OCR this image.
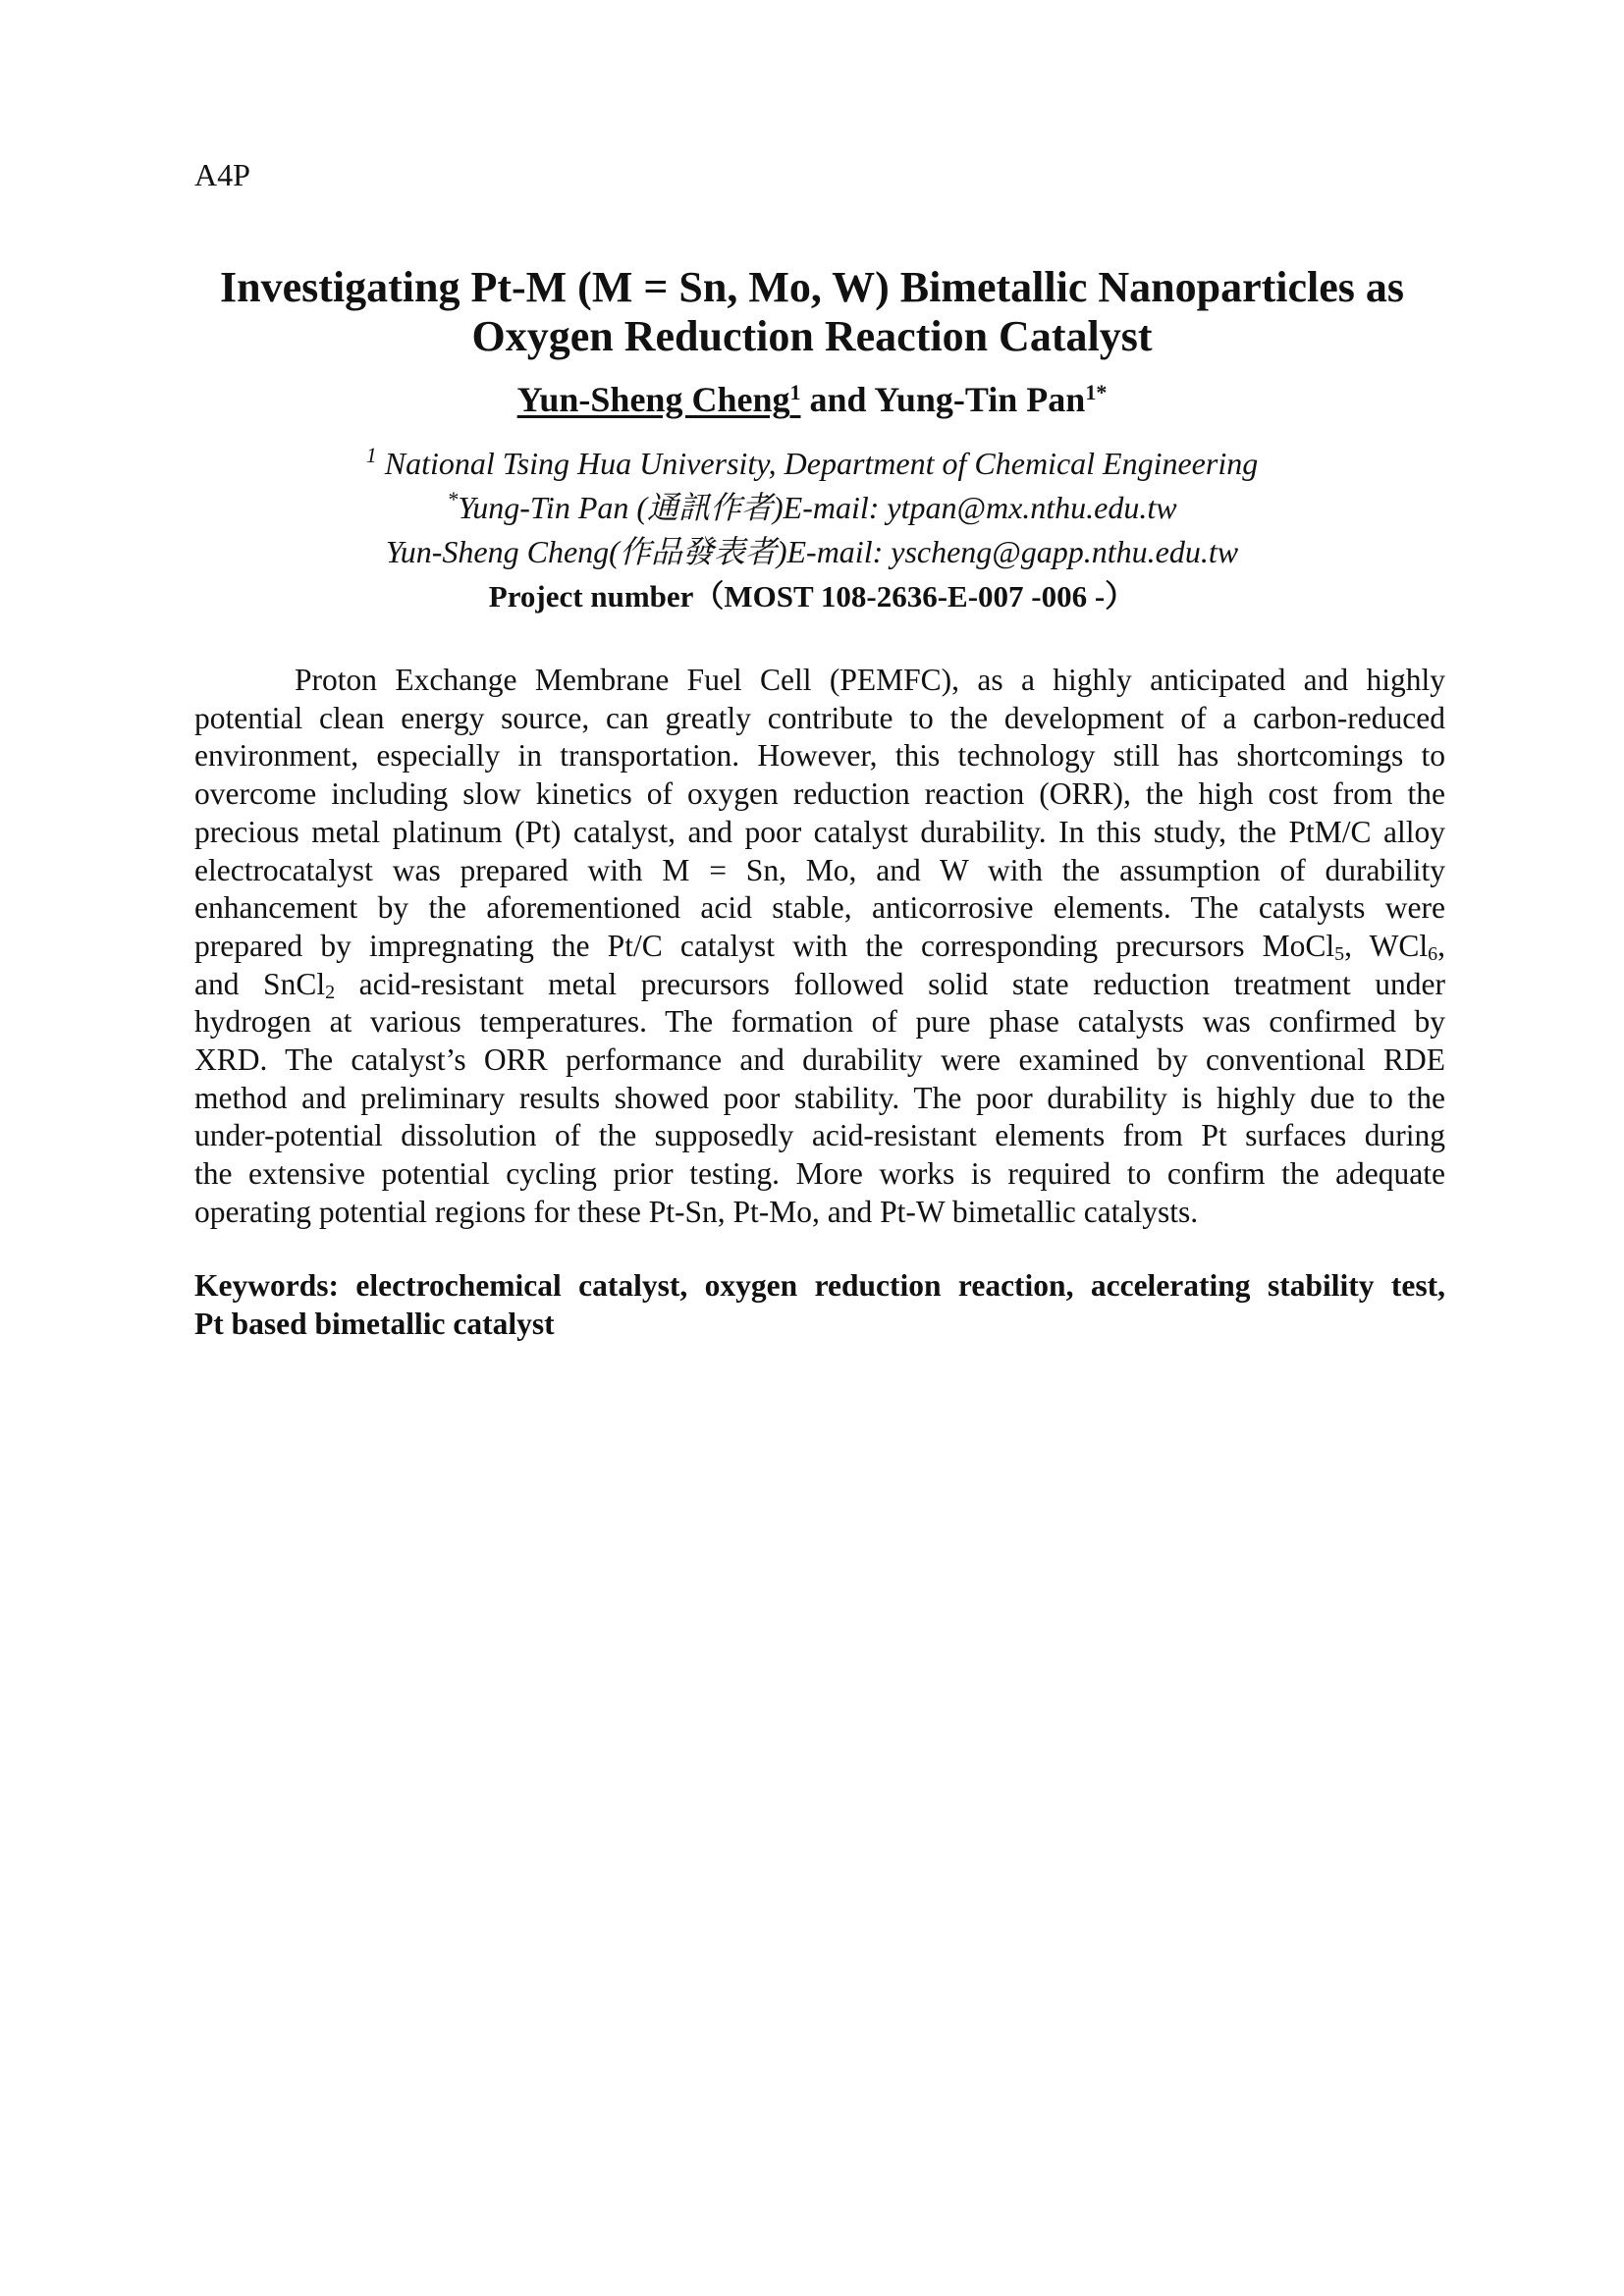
A4P
Investigating Pt-M (M = Sn, Mo, W) Bimetallic Nanoparticles as
Oxygen Reduction Reaction Catalyst
Yun-Sheng Cheng$^1$ and Yung-Tin Pan$^{1*}$
$^1$ National Tsing Hua University, Department of Chemical Engineering
*Yung-Tin Pan (通訊作者)E-mail: ytpan@mx.nthu.edu.tw
Yun-Sheng Cheng(作品發表者)E-mail: yscheng@gapp.nthu.edu.tw
Project number（MOST 108-2636-E-007 -006 -）
Proton Exchange Membrane Fuel Cell (PEMFC), as a highly anticipated and highly
potential clean energy source, can greatly contribute to the development of a carbon-reduced
environment, especially in transportation. However, this technology still has shortcomings to
overcome including slow kinetics of oxygen reduction reaction (ORR), the high cost from the
precious metal platinum (Pt) catalyst, and poor catalyst durability. In this study, the PtM/C alloy
electrocatalyst was prepared with M = Sn, Mo, and W with the assumption of durability
enhancement by the aforementioned acid stable, anticorrosive elements. The catalysts were
prepared by impregnating the Pt/C catalyst with the corresponding precursors MoCl$_5$, WCl$_6$,
and SnCl$_2$ acid-resistant metal precursors followed solid state reduction treatment under
hydrogen at various temperatures. The formation of pure phase catalysts was confirmed by
XRD. The catalyst’s ORR performance and durability were examined by conventional RDE
method and preliminary results showed poor stability. The poor durability is highly due to the
under-potential dissolution of the supposedly acid-resistant elements from Pt surfaces during
the extensive potential cycling prior testing. More works is required to confirm the adequate
operating potential regions for these Pt-Sn, Pt-Mo, and Pt-W bimetallic catalysts.
Keywords: electrochemical catalyst, oxygen reduction reaction, accelerating stability test,
Pt based bimetallic catalyst
